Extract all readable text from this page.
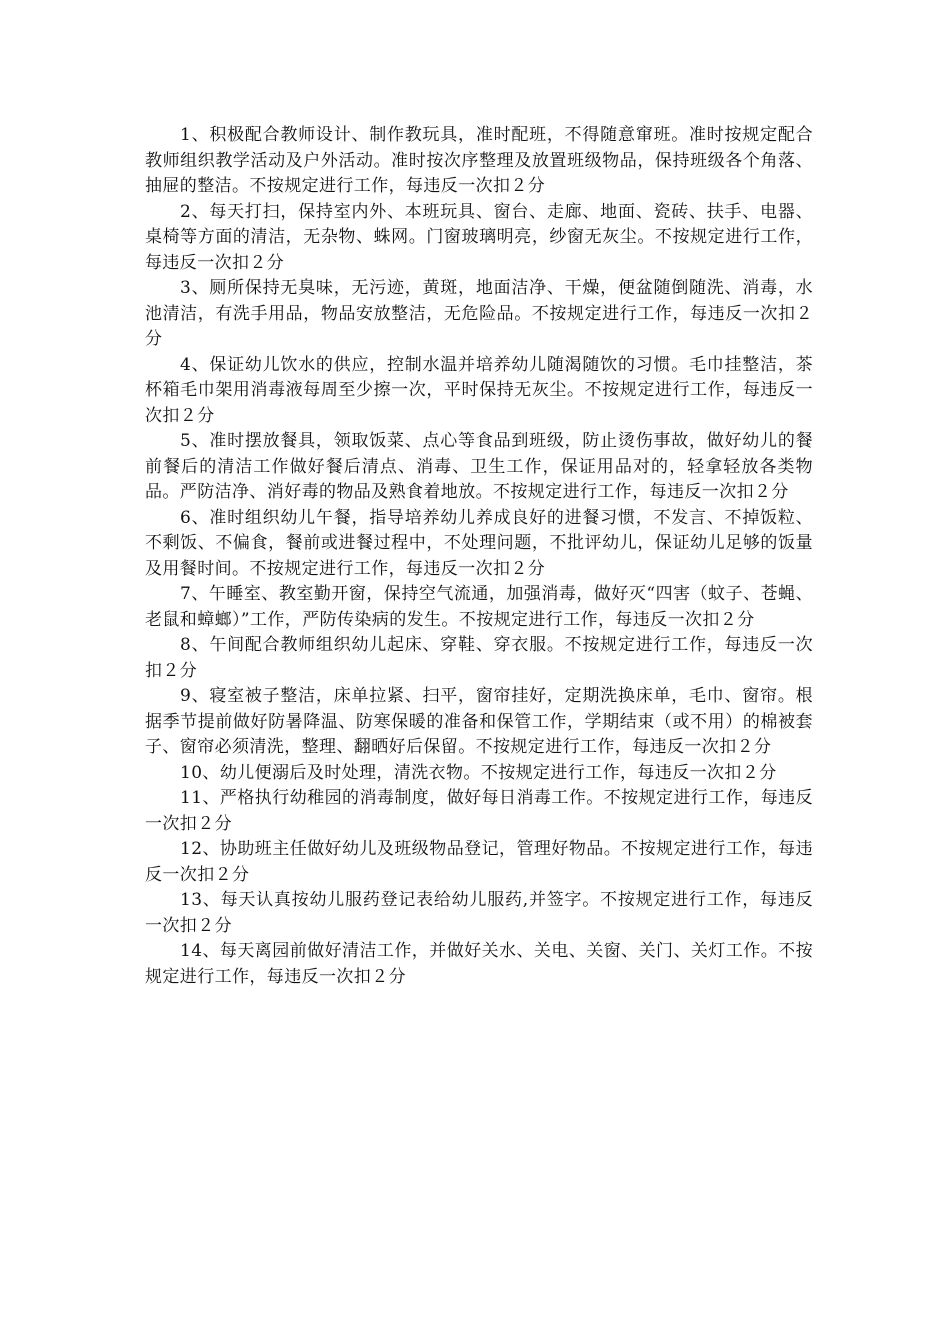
1、积极配合教师设计、制作教玩具，准时配班，不得随意窜班。准时按规定配合教师组织教学活动及户外活动。准时按次序整理及放置班级物品，保持班级各个角落、抽屉的整洁。不按规定进行工作，每违反一次扣２分

2、每天打扫，保持室内外、本班玩具、窗台、走廊、地面、瓷砖、扶手、电器、桌椅等方面的清洁，无杂物、蛛网。门窗玻璃明亮，纱窗无灰尘。不按规定进行工作，每违反一次扣２分

3、厕所保持无臭味，无污迹，黄斑，地面洁净、干燥，便盆随倒随洗、消毒，水池清洁，有洗手用品，物品安放整洁，无危险品。不按规定进行工作，每违反一次扣２分

4、保证幼儿饮水的供应，控制水温并培养幼儿随渴随饮的习惯。毛巾挂整洁，茶杯箱毛巾架用消毒液每周至少擦一次，平时保持无灰尘。不按规定进行工作，每违反一次扣２分

5、准时摆放餐具，领取饭菜、点心等食品到班级，防止烫伤事故，做好幼儿的餐前餐后的清洁工作做好餐后清点、消毒、卫生工作，保证用品对的，轻拿轻放各类物品。严防洁净、消好毒的物品及熟食着地放。不按规定进行工作，每违反一次扣２分

6、准时组织幼儿午餐，指导培养幼儿养成良好的进餐习惯，不发言、不掉饭粒、不剩饭、不偏食，餐前或进餐过程中，不处理问题，不批评幼儿，保证幼儿足够的饭量及用餐时间。不按规定进行工作，每违反一次扣２分

7、午睡室、教室勤开窗，保持空气流通，加强消毒，做好灭“四害（蚊子、苍蝇、老鼠和蟑螂）”工作，严防传染病的发生。不按规定进行工作，每违反一次扣２分

8、午间配合教师组织幼儿起床、穿鞋、穿衣服。不按规定进行工作，每违反一次扣２分

9、寝室被子整洁，床单拉紧、扫平，窗帘挂好，定期洗换床单，毛巾、窗帘。根据季节提前做好防暑降温、防寒保暖的准备和保管工作，学期结束（或不用）的棉被套子、窗帘必须清洗，整理、翻晒好后保留。不按规定进行工作，每违反一次扣２分

10、幼儿便溺后及时处理，清洗衣物。不按规定进行工作，每违反一次扣２分

11、严格执行幼稚园的消毒制度，做好每日消毒工作。不按规定进行工作，每违反一次扣２分

12、协助班主任做好幼儿及班级物品登记，管理好物品。不按规定进行工作，每违反一次扣２分

13、每天认真按幼儿服药登记表给幼儿服药,并签字。不按规定进行工作，每违反一次扣２分

14、每天离园前做好清洁工作，并做好关水、关电、关窗、关门、关灯工作。不按规定进行工作，每违反一次扣２分
